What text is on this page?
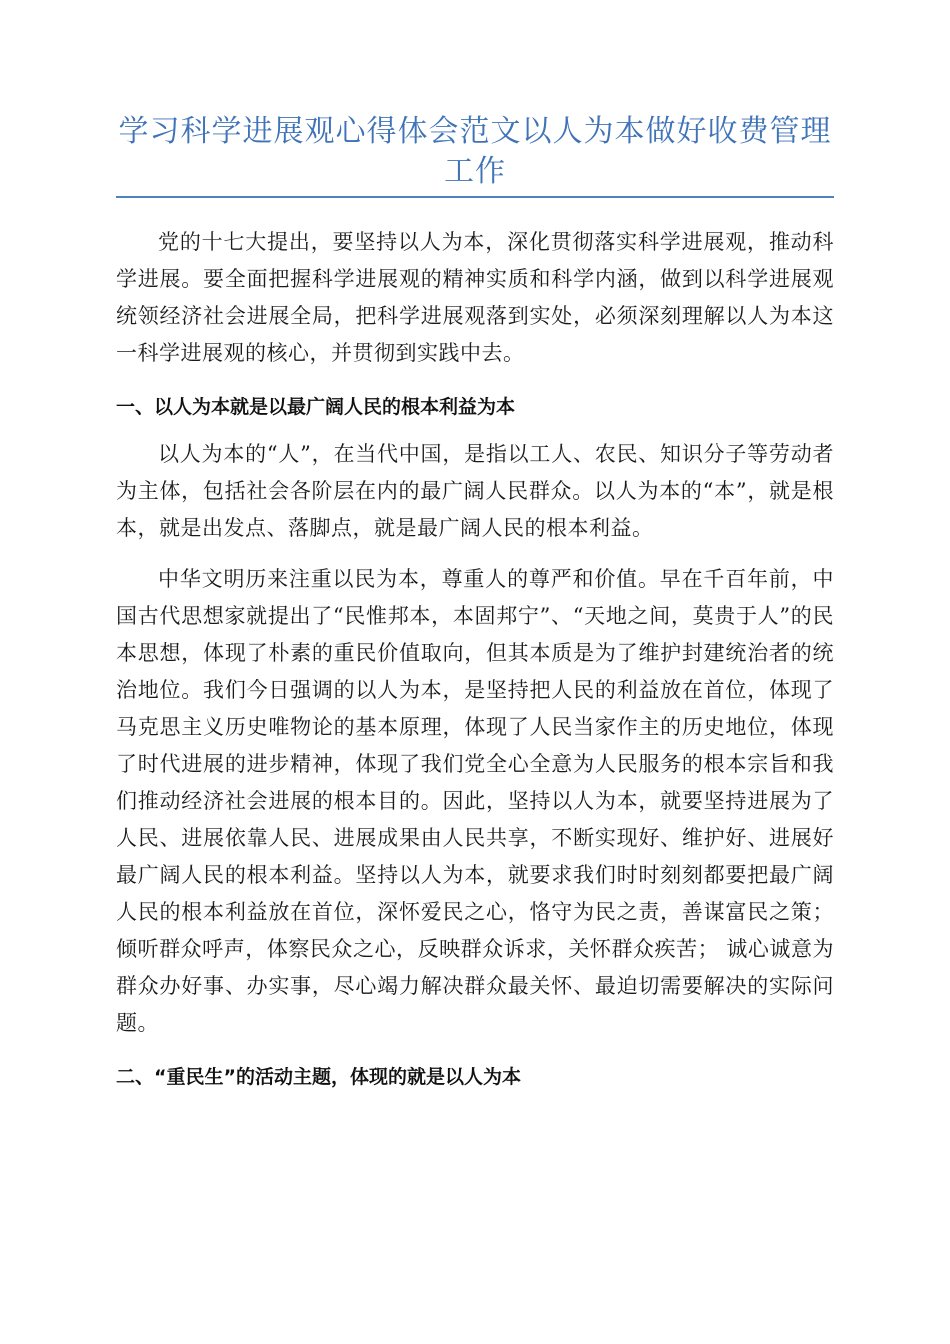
学习科学进展观心得体会范文以人为本做好收费管理工作

党的十七大提出，要坚持以人为本，深化贯彻落实科学进展观，推动科学进展。要全面把握科学进展观的精神实质和科学内涵，做到以科学进展观统领经济社会进展全局，把科学进展观落到实处，必须深刻理解以人为本这一科学进展观的核心，并贯彻到实践中去。

一、以人为本就是以最广阔人民的根本利益为本

以人为本的“人”，在当代中国，是指以工人、农民、知识分子等劳动者为主体，包括社会各阶层在内的最广阔人民群众。以人为本的“本”，就是根本，就是出发点、落脚点，就是最广阔人民的根本利益。

中华文明历来注重以民为本，尊重人的尊严和价值。早在千百年前，中国古代思想家就提出了“民惟邦本，本固邦宁”、“天地之间，莫贵于人”的民本思想，体现了朴素的重民价值取向，但其本质是为了维护封建统治者的统治地位。我们今日强调的以人为本，是坚持把人民的利益放在首位，体现了马克思主义历史唯物论的基本原理，体现了人民当家作主的历史地位，体现了时代进展的进步精神，体现了我们党全心全意为人民服务的根本宗旨和我们推动经济社会进展的根本目的。因此，坚持以人为本，就要坚持进展为了人民、进展依靠人民、进展成果由人民共享，不断实现好、维护好、进展好最广阔人民的根本利益。坚持以人为本，就要求我们时时刻刻都要把最广阔人民的根本利益放在首位，深怀爱民之心，恪守为民之责，善谋富民之策； 倾听群众呼声，体察民众之心，反映群众诉求，关怀群众疾苦； 诚心诚意为群众办好事、办实事，尽心竭力解决群众最关怀、最迫切需要解决的实际问题。

二、“重民生”的活动主题，体现的就是以人为本
